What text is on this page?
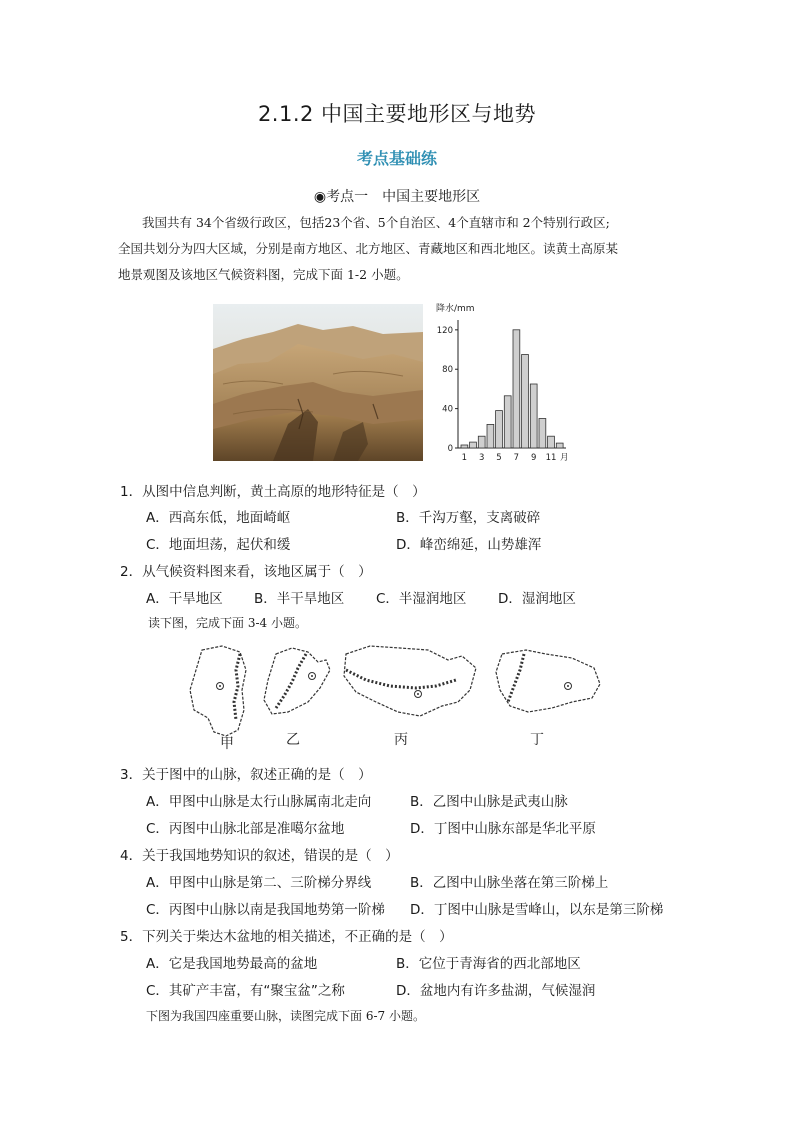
2.1.2 中国主要地形区与地势
考点基础练
◉考点一　中国主要地形区
我国共有 34个省级行政区，包括23个省、5个自治区、4个直辖市和 2个特别行政区;
全国共划分为四大区域，分别是南方地区、北方地区、青藏地区和西北地区。读黄土高原某
地景观图及该地区气候资料图，完成下面 1-2 小题。
降水/mm
月
0
40
80
120
1 3 5 7 9 11
1．从图中信息判断，黄土高原的地形特征是（　）
A．西高东低，地面崎岖	B．千沟万壑，支离破碎
C．地面坦荡，起伏和缓	D．峰峦绵延，山势雄浑
2．从气候资料图来看，该地区属于（　）
A．干旱地区 B．半干旱地区 C．半湿润地区 D．湿润地区
读下图，完成下面 3-4 小题。
甲	乙	丙	丁
3．关于图中的山脉，叙述正确的是（　）
A．甲图中山脉是太行山脉属南北走向	B．乙图中山脉是武夷山脉
C．丙图中山脉北部是准噶尔盆地	D．丁图中山脉东部是华北平原
4．关于我国地势知识的叙述，错误的是（　）
A．甲图中山脉是第二、三阶梯分界线	B．乙图中山脉坐落在第三阶梯上
C．丙图中山脉以南是我国地势第一阶梯 D．丁图中山脉是雪峰山，以东是第三阶梯
5．下列关于柴达木盆地的相关描述，不正确的是（　）
A．它是我国地势最高的盆地	B．它位于青海省的西北部地区
C．其矿产丰富，有“聚宝盆”之称	D．盆地内有许多盐湖，气候湿润
下图为我国四座重要山脉，读图完成下面 6-7 小题。
